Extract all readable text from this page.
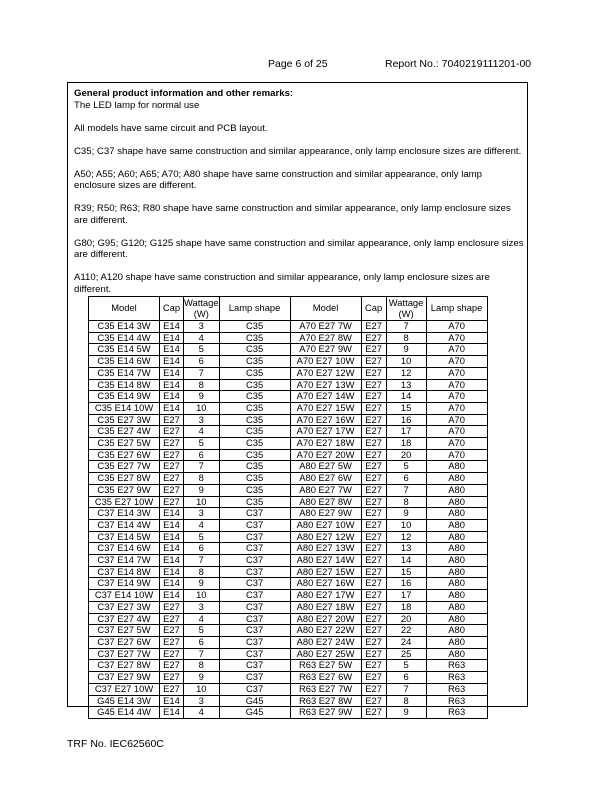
Page 6 of 25	Report No.: 7040219111201-00

General product information and other remarks:

The LED lamp for normal use

All models have same circuit and PCB layout.

C35; C37 shape have same construction and similar appearance, only lamp enclosure sizes are different.

A50; A55; A60; A65; A70; A80 shape have same construction and similar appearance, only lamp enclosure sizes are different.

R39; R50; R63; R80 shape have same construction and similar appearance, only lamp enclosure sizes are different.

G80; G95; G120; G125 shape have same construction and similar appearance, only lamp enclosure sizes are different.

A110; A120 shape have same construction and similar appearance, only lamp enclosure sizes are different.

Model	Cap	Wattage (W)	Lamp shape	Model	Cap	Wattage (W)	Lamp shape
C35 E14 3W	E14	3	C35	A70 E27 7W	E27	7	A70
C35 E14 4W	E14	4	C35	A70 E27 8W	E27	8	A70
C35 E14 5W	E14	5	C35	A70 E27 9W	E27	9	A70
C35 E14 6W	E14	6	C35	A70 E27 10W	E27	10	A70
C35 E14 7W	E14	7	C35	A70 E27 12W	E27	12	A70
C35 E14 8W	E14	8	C35	A70 E27 13W	E27	13	A70
C35 E14 9W	E14	9	C35	A70 E27 14W	E27	14	A70
C35 E14 10W	E14	10	C35	A70 E27 15W	E27	15	A70
C35 E27 3W	E27	3	C35	A70 E27 16W	E27	16	A70
C35 E27 4W	E27	4	C35	A70 E27 17W	E27	17	A70
C35 E27 5W	E27	5	C35	A70 E27 18W	E27	18	A70
C35 E27 6W	E27	6	C35	A70 E27 20W	E27	20	A70
C35 E27 7W	E27	7	C35	A80 E27 5W	E27	5	A80
C35 E27 8W	E27	8	C35	A80 E27 6W	E27	6	A80
C35 E27 9W	E27	9	C35	A80 E27 7W	E27	7	A80
C35 E27 10W	E27	10	C35	A80 E27 8W	E27	8	A80
C37 E14 3W	E14	3	C37	A80 E27 9W	E27	9	A80
C37 E14 4W	E14	4	C37	A80 E27 10W	E27	10	A80
C37 E14 5W	E14	5	C37	A80 E27 12W	E27	12	A80
C37 E14 6W	E14	6	C37	A80 E27 13W	E27	13	A80
C37 E14 7W	E14	7	C37	A80 E27 14W	E27	14	A80
C37 E14 8W	E14	8	C37	A80 E27 15W	E27	15	A80
C37 E14 9W	E14	9	C37	A80 E27 16W	E27	16	A80
C37 E14 10W	E14	10	C37	A80 E27 17W	E27	17	A80
C37 E27 3W	E27	3	C37	A80 E27 18W	E27	18	A80
C37 E27 4W	E27	4	C37	A80 E27 20W	E27	20	A80
C37 E27 5W	E27	5	C37	A80 E27 22W	E27	22	A80
C37 E27 6W	E27	6	C37	A80 E27 24W	E27	24	A80
C37 E27 7W	E27	7	C37	A80 E27 25W	E27	25	A80
C37 E27 8W	E27	8	C37	R63 E27 5W	E27	5	R63
C37 E27 9W	E27	9	C37	R63 E27 6W	E27	6	R63
C37 E27 10W	E27	10	C37	R63 E27 7W	E27	7	R63
G45 E14 3W	E14	3	G45	R63 E27 8W	E27	8	R63
G45 E14 4W	E14	4	G45	R63 E27 9W	E27	9	R63
TRF No. IEC62560C
